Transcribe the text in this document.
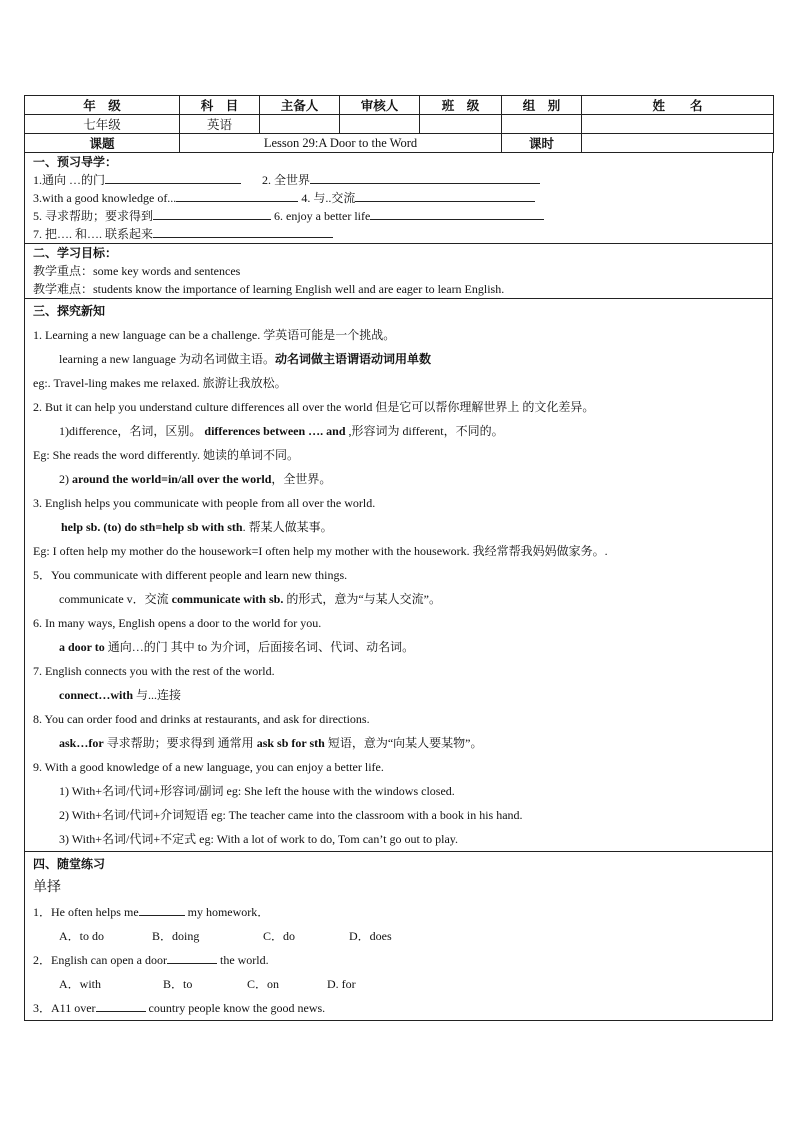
年　级	科　目	主备人	审核人	班　级	组　别	姓　　名
七年级	英语					
课题	Lesson 29:A Door to the Word				课时	
一、预习导学：
1.通向 …的门	2. 全世界
3.with a good knowledge of...	4. 与..交流
5. 寻求帮助；要求得到	6. enjoy a better life
7. 把…. 和…. 联系起来
二、学习目标：
教学重点：some key words and sentences
教学难点：students know the importance of learning English well and are eager to learn English.
三、探究新知
1. Learning a new language can be a challenge. 学英语可能是一个挑战。
learning a new language 为动名词做主语。动名词做主语谓语动词用单数
eg:. Travel-ling makes me relaxed. 旅游让我放松。
2. But it can help you understand culture differences all over the world 但是它可以帮你理解世界上 的文化差异。
1)difference，名词，区别。 differences between …. and ,形容词为 different，不同的。
Eg: She reads the word differently. 她读的单词不同。
2) around the world=in/all over the world，全世界。
3. English helps you communicate with people from all over the world.
help sb. (to) do sth=help sb with sth. 帮某人做某事。
Eg: I often help my mother do the housework=I often help my mother with the housework. 我经常帮我妈妈做家务。.
5．You communicate with different people and learn new things.
communicate v．交流 communicate with sb. 的形式，意为“与某人交流”。
6. In many ways, English opens a door to the world for you.
a door to 通向…的门 其中 to 为介词，后面接名词、代词、动名词。
7. English connects you with the rest of the world.
connect…with 与...连接
8. You can order food and drinks at restaurants, and ask for directions.
ask…for 寻求帮助；要求得到 通常用 ask sb for sth 短语，意为“向某人要某物”。
9. With a good knowledge of a new language, you can enjoy a better life.
1) With+名词/代词+形容词/副词 eg: She left the house with the windows closed.
2) With+名词/代词+介词短语 eg: The teacher came into the classroom with a book in his hand.
3) With+名词/代词+不定式 eg: With a lot of work to do, Tom can’t go out to play.
四、随堂练习
单择
1．He often helps me	my homework．
A．to do	B．doing	C．do	D．does
2．English can open a door	the world.
A．with	B．to	C．on	D. for
3．A11 over	country people know the good news.
